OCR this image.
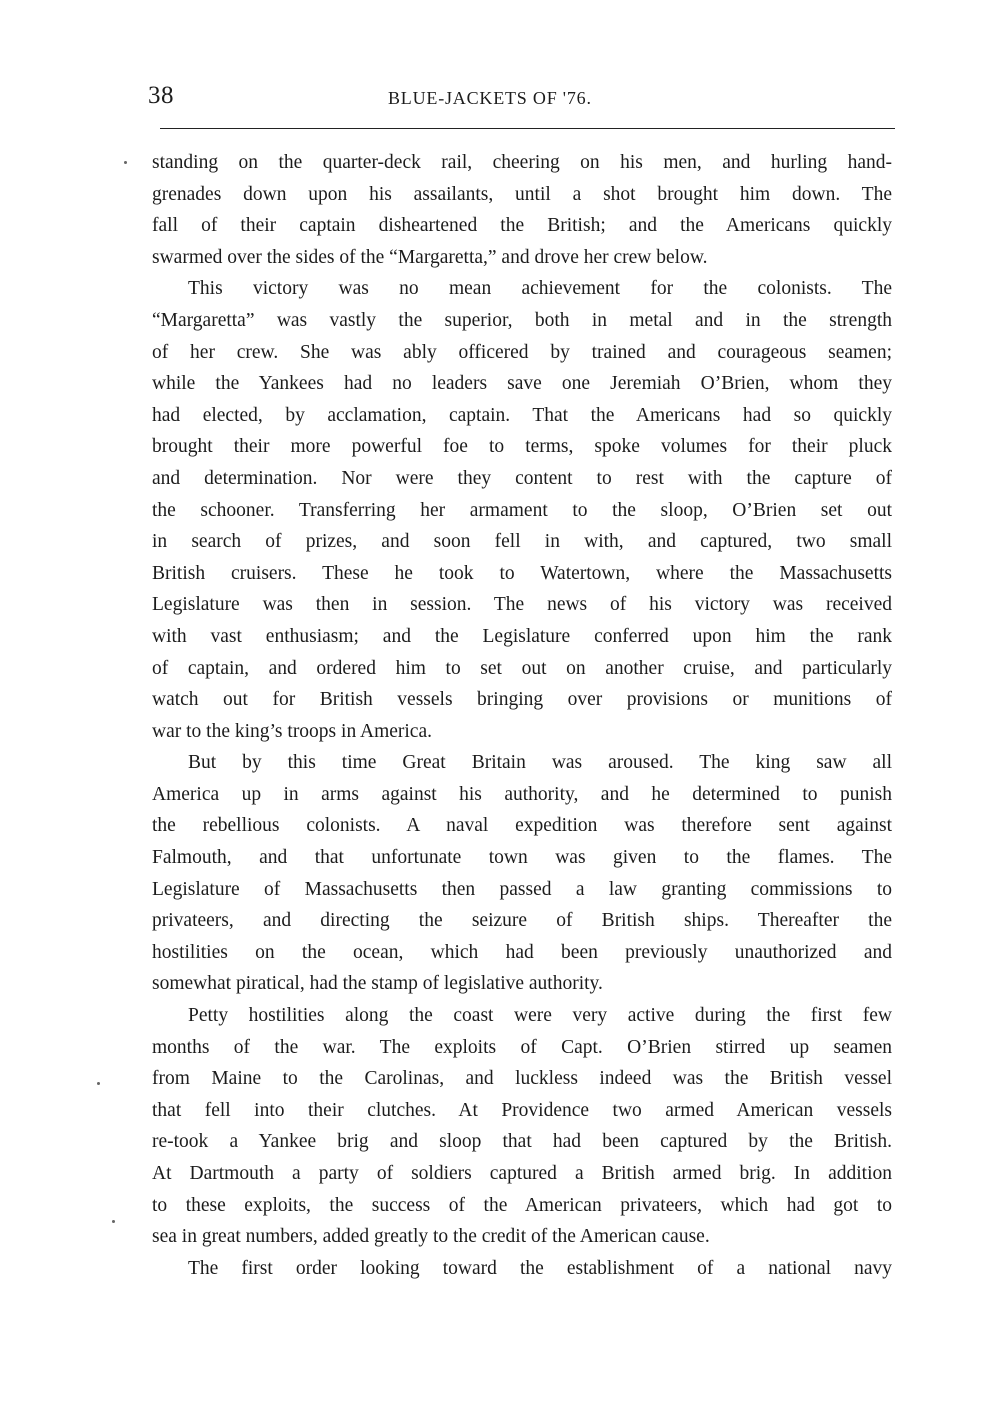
38	BLUE-JACKETS OF '76.
standing on the quarter-deck rail, cheering on his men, and hurling hand-
grenades down upon his assailants, until a shot brought him down. The
fall of their captain disheartened the British; and the Americans quickly
swarmed over the sides of the “Margaretta,” and drove her crew below.
This victory was no mean achievement for the colonists. The
“Margaretta” was vastly the superior, both in metal and in the strength
of her crew. She was ably officered by trained and courageous seamen;
while the Yankees had no leaders save one Jeremiah O’Brien, whom they
had elected, by acclamation, captain. That the Americans had so quickly
brought their more powerful foe to terms, spoke volumes for their pluck
and determination. Nor were they content to rest with the capture of
the schooner. Transferring her armament to the sloop, O’Brien set out
in search of prizes, and soon fell in with, and captured, two small
British cruisers. These he took to Watertown, where the Massachusetts
Legislature was then in session. The news of his victory was received
with vast enthusiasm; and the Legislature conferred upon him the rank
of captain, and ordered him to set out on another cruise, and particularly
watch out for British vessels bringing over provisions or munitions of
war to the king’s troops in America.
But by this time Great Britain was aroused. The king saw all
America up in arms against his authority, and he determined to punish
the rebellious colonists. A naval expedition was therefore sent against
Falmouth, and that unfortunate town was given to the flames. The
Legislature of Massachusetts then passed a law granting commissions to
privateers, and directing the seizure of British ships. Thereafter the
hostilities on the ocean, which had been previously unauthorized and
somewhat piratical, had the stamp of legislative authority.
Petty hostilities along the coast were very active during the first few
months of the war. The exploits of Capt. O’Brien stirred up seamen
from Maine to the Carolinas, and luckless indeed was the British vessel
that fell into their clutches. At Providence two armed American vessels
re-took a Yankee brig and sloop that had been captured by the British.
At Dartmouth a party of soldiers captured a British armed brig. In addition
to these exploits, the success of the American privateers, which had got to
sea in great numbers, added greatly to the credit of the American cause.
The first order looking toward the establishment of a national navy
